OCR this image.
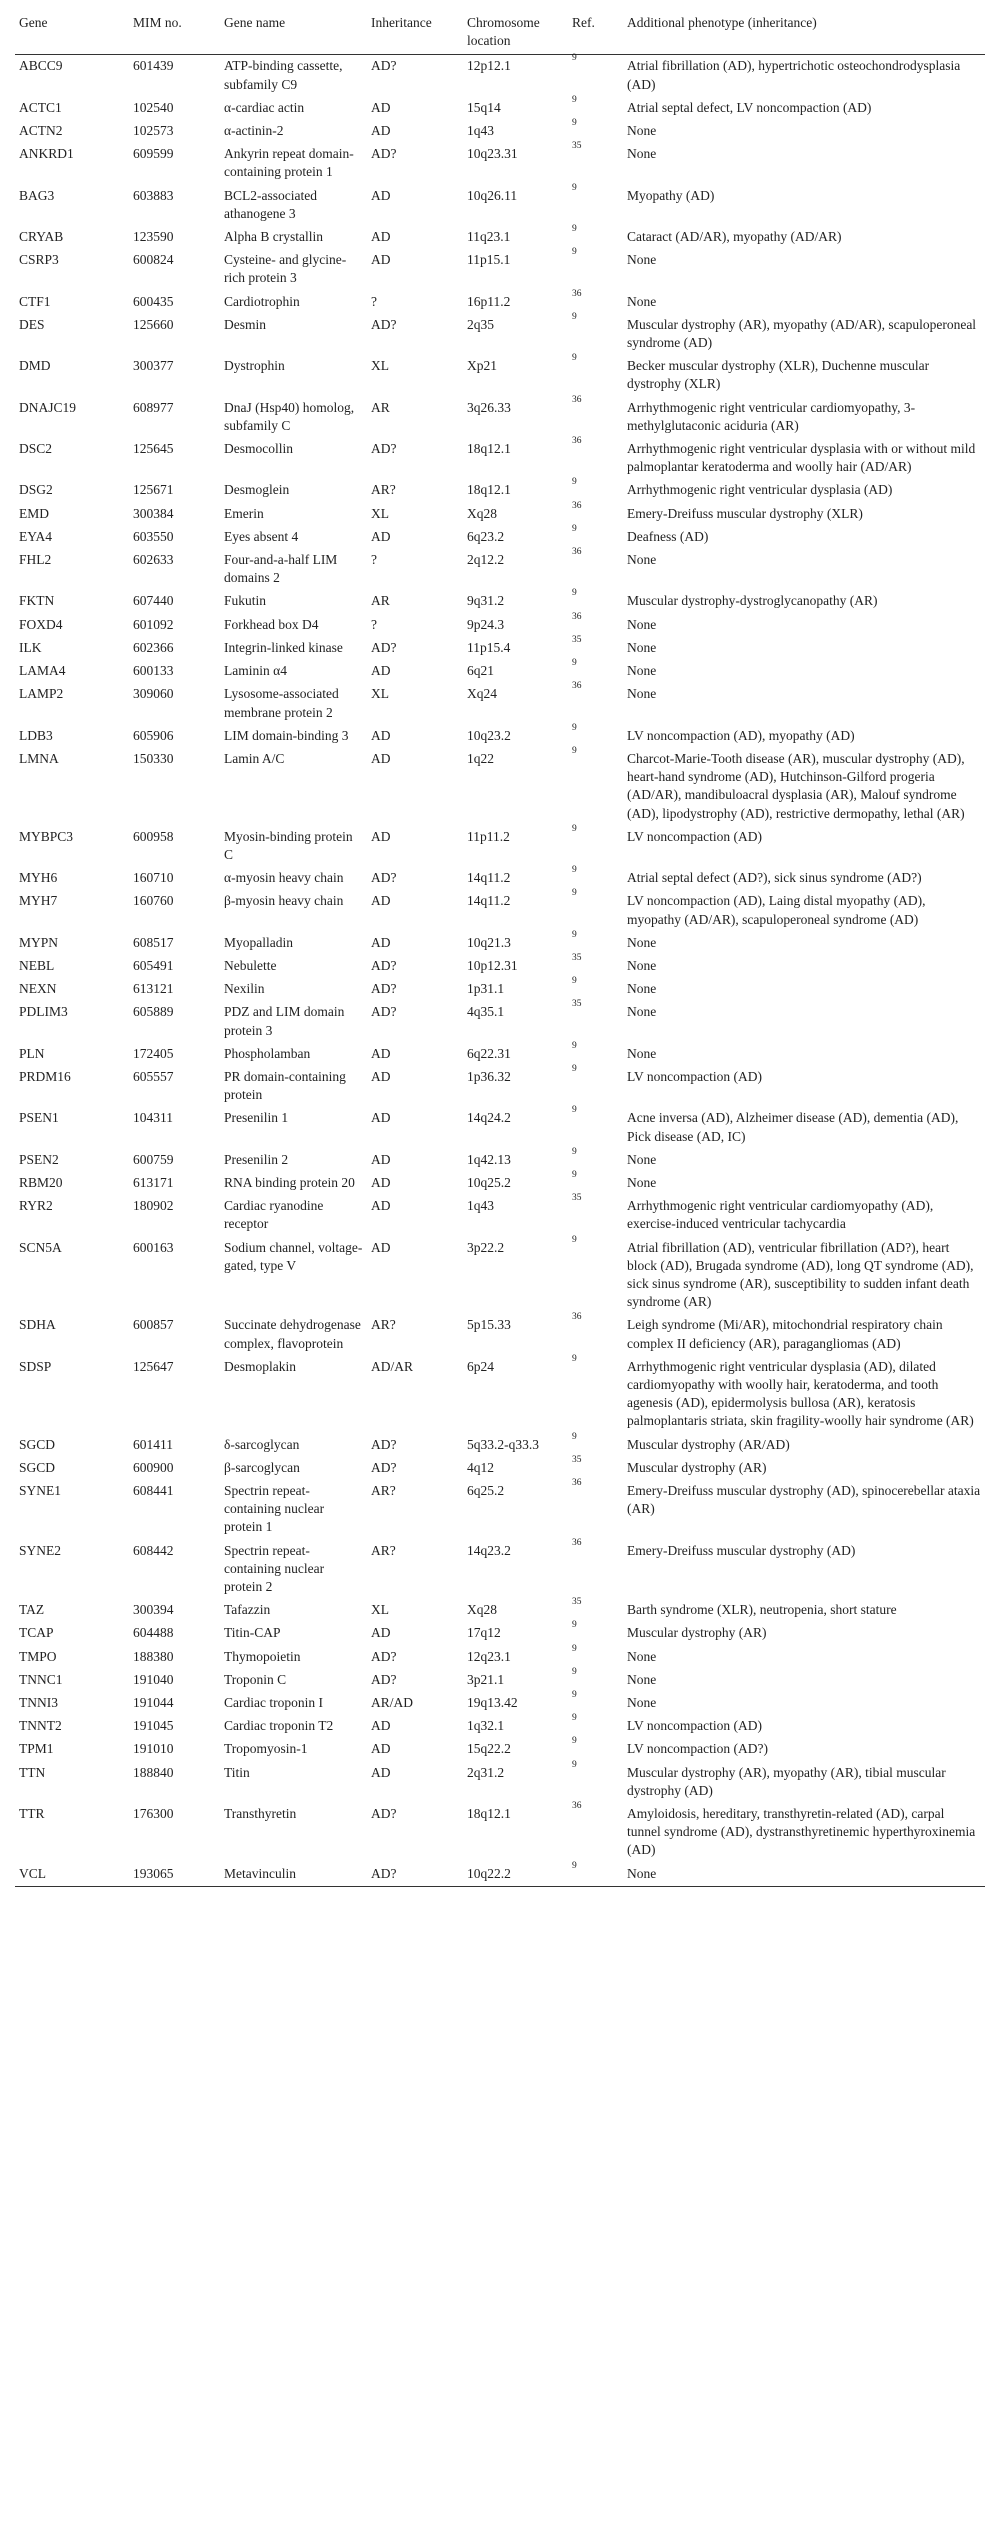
Gene	MIM no.	Gene name	Inheritance	Chromosome location	Ref.	Additional phenotype (inheritance)
ABCC9	601439	ATP-binding cassette, subfamily C9	AD?	12p12.1	$^9$	Atrial fibrillation (AD), hypertrichotic osteochondrodysplasia (AD)
ACTC1	102540	α-cardiac actin	AD	15q14	$^9$	Atrial septal defect, LV noncompaction (AD)
ACTN2	102573	α-actinin-2	AD	1q43	$^9$	None
ANKRD1	609599	Ankyrin repeat domain-containing protein 1	AD?	10q23.31	$^{35}$	None
BAG3	603883	BCL2-associated athanogene 3	AD	10q26.11	$^9$	Myopathy (AD)
CRYAB	123590	Alpha B crystallin	AD	11q23.1	$^9$	Cataract (AD/AR), myopathy (AD/AR)
CSRP3	600824	Cysteine- and glycine-rich protein 3	AD	11p15.1	$^9$	None
CTF1	600435	Cardiotrophin	?	16p11.2	$^{36}$	None
DES	125660	Desmin	AD?	2q35	$^9$	Muscular dystrophy (AR), myopathy (AD/AR), scapuloperoneal syndrome (AD)
DMD	300377	Dystrophin	XL	Xp21	$^9$	Becker muscular dystrophy (XLR), Duchenne muscular dystrophy (XLR)
DNAJC19	608977	DnaJ (Hsp40) homolog, subfamily C	AR	3q26.33	$^{36}$	Arrhythmogenic right ventricular cardiomyopathy, 3-methylglutaconic aciduria (AR)
DSC2	125645	Desmocollin	AD?	18q12.1	$^{36}$	Arrhythmogenic right ventricular dysplasia with or without mild palmoplantar keratoderma and woolly hair (AD/AR)
DSG2	125671	Desmoglein	AR?	18q12.1	$^9$	Arrhythmogenic right ventricular dysplasia (AD)
EMD	300384	Emerin	XL	Xq28	$^{36}$	Emery-Dreifuss muscular dystrophy (XLR)
EYA4	603550	Eyes absent 4	AD	6q23.2	$^9$	Deafness (AD)
FHL2	602633	Four-and-a-half LIM domains 2	?	2q12.2	$^{36}$	None
FKTN	607440	Fukutin	AR	9q31.2	$^9$	Muscular dystrophy-dystroglycanopathy (AR)
FOXD4	601092	Forkhead box D4	?	9p24.3	$^{36}$	None
ILK	602366	Integrin-linked kinase	AD?	11p15.4	$^{35}$	None
LAMA4	600133	Laminin α4	AD	6q21	$^9$	None
LAMP2	309060	Lysosome-associated membrane protein 2	XL	Xq24	$^{36}$	None
LDB3	605906	LIM domain-binding 3	AD	10q23.2	$^9$	LV noncompaction (AD), myopathy (AD)
LMNA	150330	Lamin A/C	AD	1q22	$^9$	Charcot-Marie-Tooth disease (AR), muscular dystrophy (AD), heart-hand syndrome (AD), Hutchinson-Gilford progeria (AD/AR), mandibuloacral dysplasia (AR), Malouf syndrome (AD), lipodystrophy (AD), restrictive dermopathy, lethal (AR)
MYBPC3	600958	Myosin-binding protein C	AD	11p11.2	$^9$	LV noncompaction (AD)
MYH6	160710	α-myosin heavy chain	AD?	14q11.2	$^9$	Atrial septal defect (AD?), sick sinus syndrome (AD?)
MYH7	160760	β-myosin heavy chain	AD	14q11.2	$^9$	LV noncompaction (AD), Laing distal myopathy (AD), myopathy (AD/AR), scapuloperoneal syndrome (AD)
MYPN	608517	Myopalladin	AD	10q21.3	$^9$	None
NEBL	605491	Nebulette	AD?	10p12.31	$^{35}$	None
NEXN	613121	Nexilin	AD?	1p31.1	$^9$	None
PDLIM3	605889	PDZ and LIM domain protein 3	AD?	4q35.1	$^{35}$	None
PLN	172405	Phospholamban	AD	6q22.31	$^9$	None
PRDM16	605557	PR domain-containing protein	AD	1p36.32	$^9$	LV noncompaction (AD)
PSEN1	104311	Presenilin 1	AD	14q24.2	$^9$	Acne inversa (AD), Alzheimer disease (AD), dementia (AD), Pick disease (AD, IC)
PSEN2	600759	Presenilin 2	AD	1q42.13	$^9$	None
RBM20	613171	RNA binding protein 20	AD	10q25.2	$^9$	None
RYR2	180902	Cardiac ryanodine receptor	AD	1q43	$^{35}$	Arrhythmogenic right ventricular cardiomyopathy (AD), exercise-induced ventricular tachycardia
SCN5A	600163	Sodium channel, voltage-gated, type V	AD	3p22.2	$^9$	Atrial fibrillation (AD), ventricular fibrillation (AD?), heart block (AD), Brugada syndrome (AD), long QT syndrome (AD), sick sinus syndrome (AR), susceptibility to sudden infant death syndrome (AR)
SDHA	600857	Succinate dehydrogenase complex, flavoprotein	AR?	5p15.33	$^{36}$	Leigh syndrome (Mi/AR), mitochondrial respiratory chain complex II deficiency (AR), paragangliomas (AD)
SDSP	125647	Desmoplakin	AD/AR	6p24	$^9$	Arrhythmogenic right ventricular dysplasia (AD), dilated cardiomyopathy with woolly hair, keratoderma, and tooth agenesis (AD), epidermolysis bullosa (AR), keratosis palmoplantaris striata, skin fragility-woolly hair syndrome (AR)
SGCD	601411	δ-sarcoglycan	AD?	5q33.2-q33.3	$^9$	Muscular dystrophy (AR/AD)
SGCD	600900	β-sarcoglycan	AD?	4q12	$^{35}$	Muscular dystrophy (AR)
SYNE1	608441	Spectrin repeat-containing nuclear protein 1	AR?	6q25.2	$^{36}$	Emery-Dreifuss muscular dystrophy (AD), spinocerebellar ataxia (AR)
SYNE2	608442	Spectrin repeat-containing nuclear protein 2	AR?	14q23.2	$^{36}$	Emery-Dreifuss muscular dystrophy (AD)
TAZ	300394	Tafazzin	XL	Xq28	$^{35}$	Barth syndrome (XLR), neutropenia, short stature
TCAP	604488	Titin-CAP	AD	17q12	$^9$	Muscular dystrophy (AR)
TMPO	188380	Thymopoietin	AD?	12q23.1	$^9$	None
TNNC1	191040	Troponin C	AD?	3p21.1	$^9$	None
TNNI3	191044	Cardiac troponin I	AR/AD	19q13.42	$^9$	None
TNNT2	191045	Cardiac troponin T2	AD	1q32.1	$^9$	LV noncompaction (AD)
TPM1	191010	Tropomyosin-1	AD	15q22.2	$^9$	LV noncompaction (AD?)
TTN	188840	Titin	AD	2q31.2	$^9$	Muscular dystrophy (AR), myopathy (AR), tibial muscular dystrophy (AD)
TTR	176300	Transthyretin	AD?	18q12.1	$^{36}$	Amyloidosis, hereditary, transthyretin-related (AD), carpal tunnel syndrome (AD), dystransthyretinemic hyperthyroxinemia (AD)
VCL	193065	Metavinculin	AD?	10q22.2	$^9$	None
